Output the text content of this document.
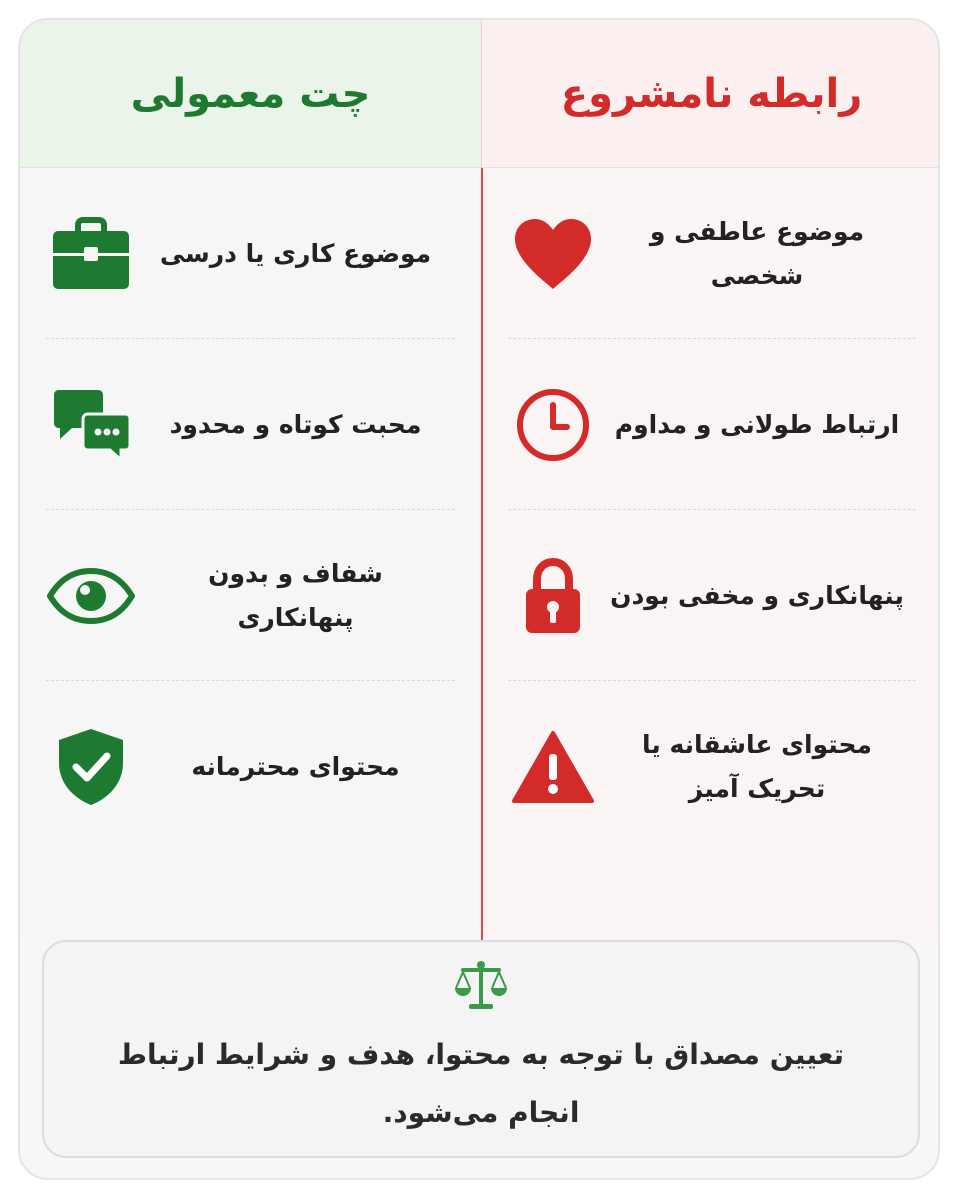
رابطه نامشروع
چت معمولی
موضوع عاطفی و شخصی
ارتباط طولانی و مداوم
پنهانکاری و مخفی بودن
محتوای عاشقانه یا تحریک آمیز
موضوع کاری یا درسی
محبت کوتاه و محدود
شفاف و بدون پنهانکاری
محتوای محترمانه
تعیین مصداق با توجه به محتوا، هدف و شرایط ارتباط انجام می‌شود.
